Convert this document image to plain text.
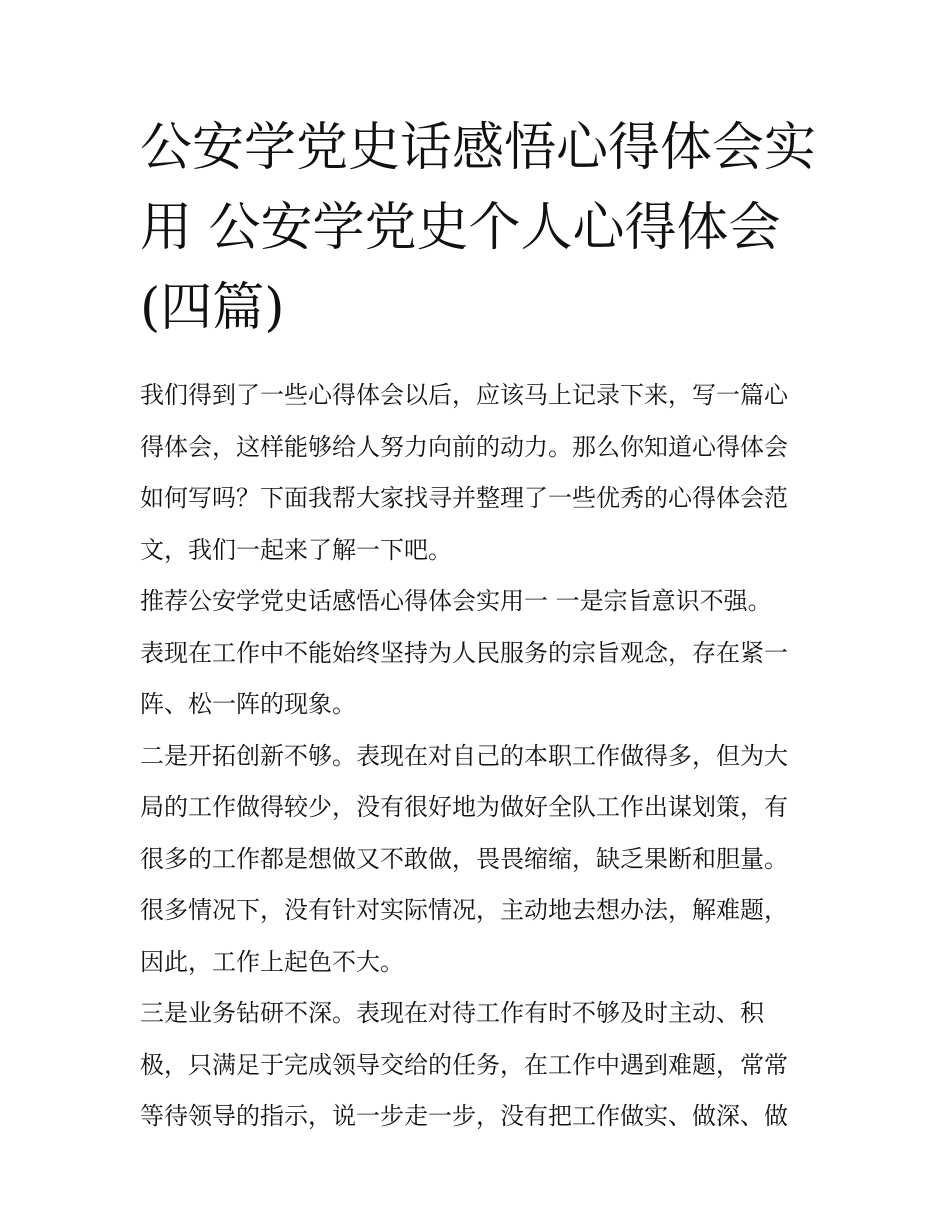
公安学党史话感悟心得体会实
用 公安学党史个人心得体会
(四篇)
我们得到了一些心得体会以后，应该马上记录下来，写一篇心
得体会，这样能够给人努力向前的动力。那么你知道心得体会
如何写吗？下面我帮大家找寻并整理了一些优秀的心得体会范
文，我们一起来了解一下吧。
推荐公安学党史话感悟心得体会实用一 一是宗旨意识不强。
表现在工作中不能始终坚持为人民服务的宗旨观念，存在紧一
阵、松一阵的现象。
二是开拓创新不够。表现在对自己的本职工作做得多，但为大
局的工作做得较少，没有很好地为做好全队工作出谋划策，有
很多的工作都是想做又不敢做，畏畏缩缩，缺乏果断和胆量。
很多情况下，没有针对实际情况，主动地去想办法，解难题，
因此，工作上起色不大。
三是业务钻研不深。表现在对待工作有时不够及时主动、积
极，只满足于完成领导交给的任务，在工作中遇到难题，常常
等待领导的指示，说一步走一步，没有把工作做实、做深、做
